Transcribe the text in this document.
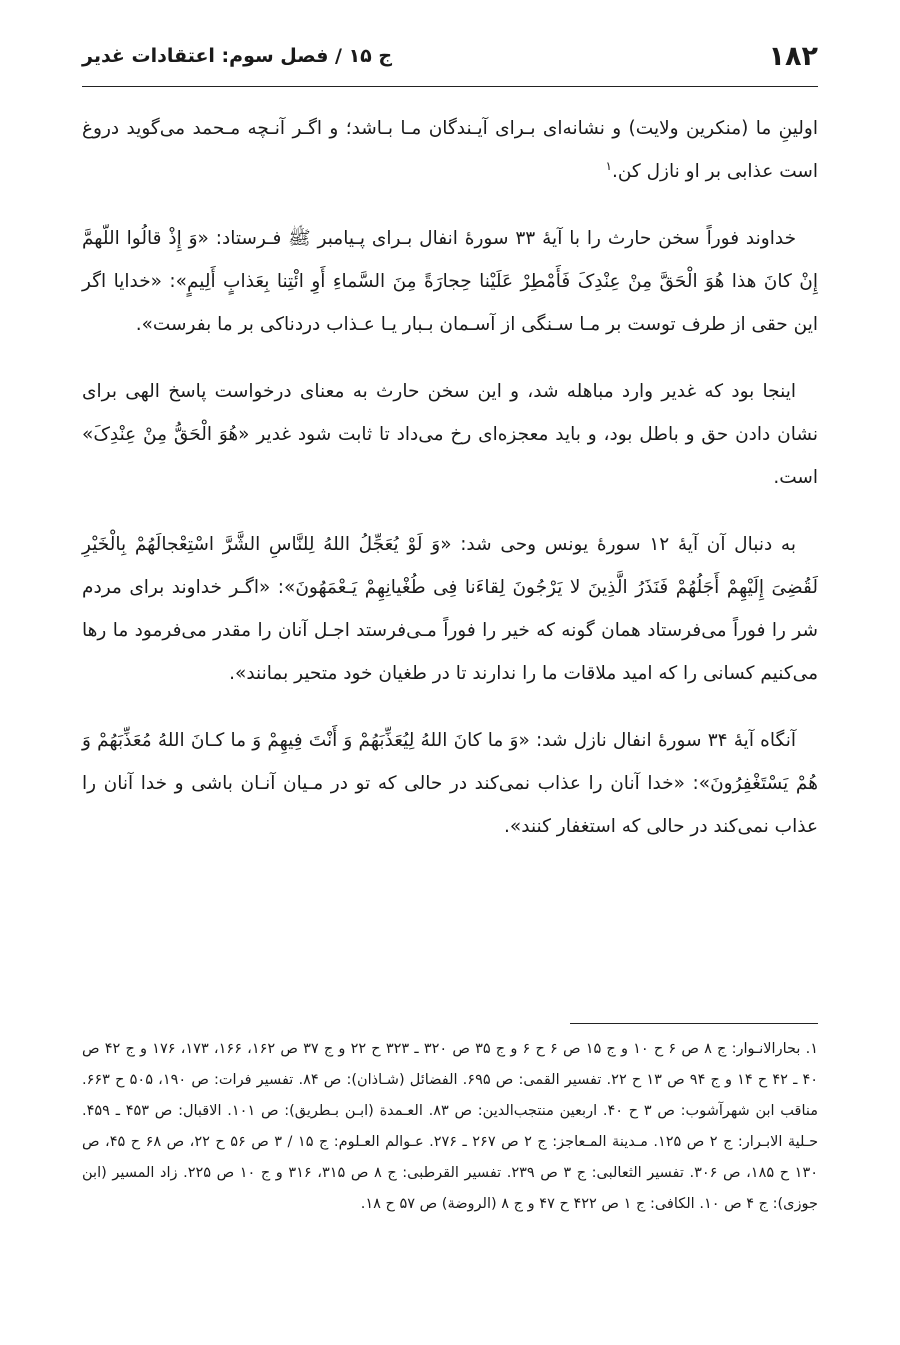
۱۸۲
ج ۱۵ / فصل سوم: اعتقادات غدیر

اولینِ ما (منکرین ولایت) و نشانه‌ای بـرای آیـندگان مـا بـاشد؛ و اگـر آنـچه مـحمد می‌گوید دروغ است عذابی بر او نازل کن.$^۱$

خداوند فوراً سخن حارث را با آیهٔ ۳۳ سورهٔ انفال بـرای پـیامبر ﷺ فـرستاد: «وَ إِذْ قالُوا اللّهمَّ إِنْ کانَ هذا هُوَ الْحَقَّ مِنْ عِنْدِکَ فَأَمْطِرْ عَلَیْنا حِجارَةً مِنَ السَّماءِ أَوِ ائْتِنا بِعَذابٍ أَلِیمٍ»: «خدایا اگر این حقی از طرف توست بر مـا سـنگی از آسـمان بـبار یـا عـذاب دردناکی بر ما بفرست».

اینجا بود که غدیر وارد مباهله شد، و این سخن حارث به معنای درخواست پاسخ الهی برای نشان دادن حق و باطل بود، و باید معجزه‌ای رخ می‌داد تا ثابت شود غدیر «هُوَ الْحَقُّ مِنْ عِنْدِکَ» است.

به دنبال آن آیهٔ ۱۲ سورهٔ یونس وحی شد: «وَ لَوْ یُعَجِّلُ اللهُ لِلنَّاسِ الشَّرَّ اسْتِعْجالَهُمْ بِالْخَیْرِ لَقُضِیَ إِلَیْهِمْ أَجَلُهُمْ فَنَذَرُ الَّذِینَ لا یَرْجُونَ لِقاءَنا فِی طُغْیانِهِمْ یَـعْمَهُونَ»: «اگـر خداوند برای مردم شر را فوراً می‌فرستاد همان گونه که خیر را فوراً مـی‌فرستد اجـل آنان را مقدر می‌فرمود ما رها می‌کنیم کسانی را که امید ملاقات ما را ندارند تا در طغیان خود متحیر بمانند».

آنگاه آیهٔ ۳۴ سورهٔ انفال نازل شد: «وَ ما کانَ اللهُ لِیُعَذِّبَهُمْ وَ أَنْتَ فِیهِمْ وَ ما کـانَ اللهُ مُعَذِّبَهُمْ وَ هُمْ یَسْتَغْفِرُونَ»: «خدا آنان را عذاب نمی‌کند در حالی که تو در مـیان آنـان باشی و خدا آنان را عذاب نمی‌کند در حالی که استغفار کنند».

۱. بحارالانـوار: ج ۸ ص ۶ ح ۱۰ و ج ۱۵ ص ۶ ح ۶ و ج ۳۵ ص ۳۲۰ ـ ۳۲۳ ح ۲۲ و ج ۳۷ ص ۱۶۲، ۱۶۶، ۱۷۳، ۱۷۶ و ج ۴۲ ص ۴۰ ـ ۴۲ ح ۱۴ و ج ۹۴ ص ۱۳ ح ۲۲. تفسیر القمی: ص ۶۹۵. الفضائل (شـاذان): ص ۸۴. تفسیر فرات: ص ۱۹۰، ۵۰۵ ح ۶۶۳. مناقب ابن شهرآشوب: ص ۳ ح ۴۰. اربعین منتجب‌الدین: ص ۸۳. العـمدة (ابـن بـطریق): ص ۱۰۱. الاقبال: ص ۴۵۳ ـ ۴۵۹. حـلیة الابـرار: ج ۲ ص ۱۲۵. مـدینة المـعاجز: ج ۲ ص ۲۶۷ ـ ۲۷۶. عـوالم العـلوم: ج ۱۵ / ۳ ص ۵۶ ح ۲۲، ص ۶۸ ح ۴۵، ص ۱۳۰ ح ۱۸۵، ص ۳۰۶. تفسیر الثعالبی: ج ۳ ص ۲۳۹. تفسیر القرطبی: ج ۸ ص ۳۱۵، ۳۱۶ و ج ۱۰ ص ۲۲۵. زاد المسیر (ابن جوزی): ج ۴ ص ۱۰. الکافی: ج ۱ ص ۴۲۲ ح ۴۷ و ج ۸ (الروضة) ص ۵۷ ح ۱۸.
